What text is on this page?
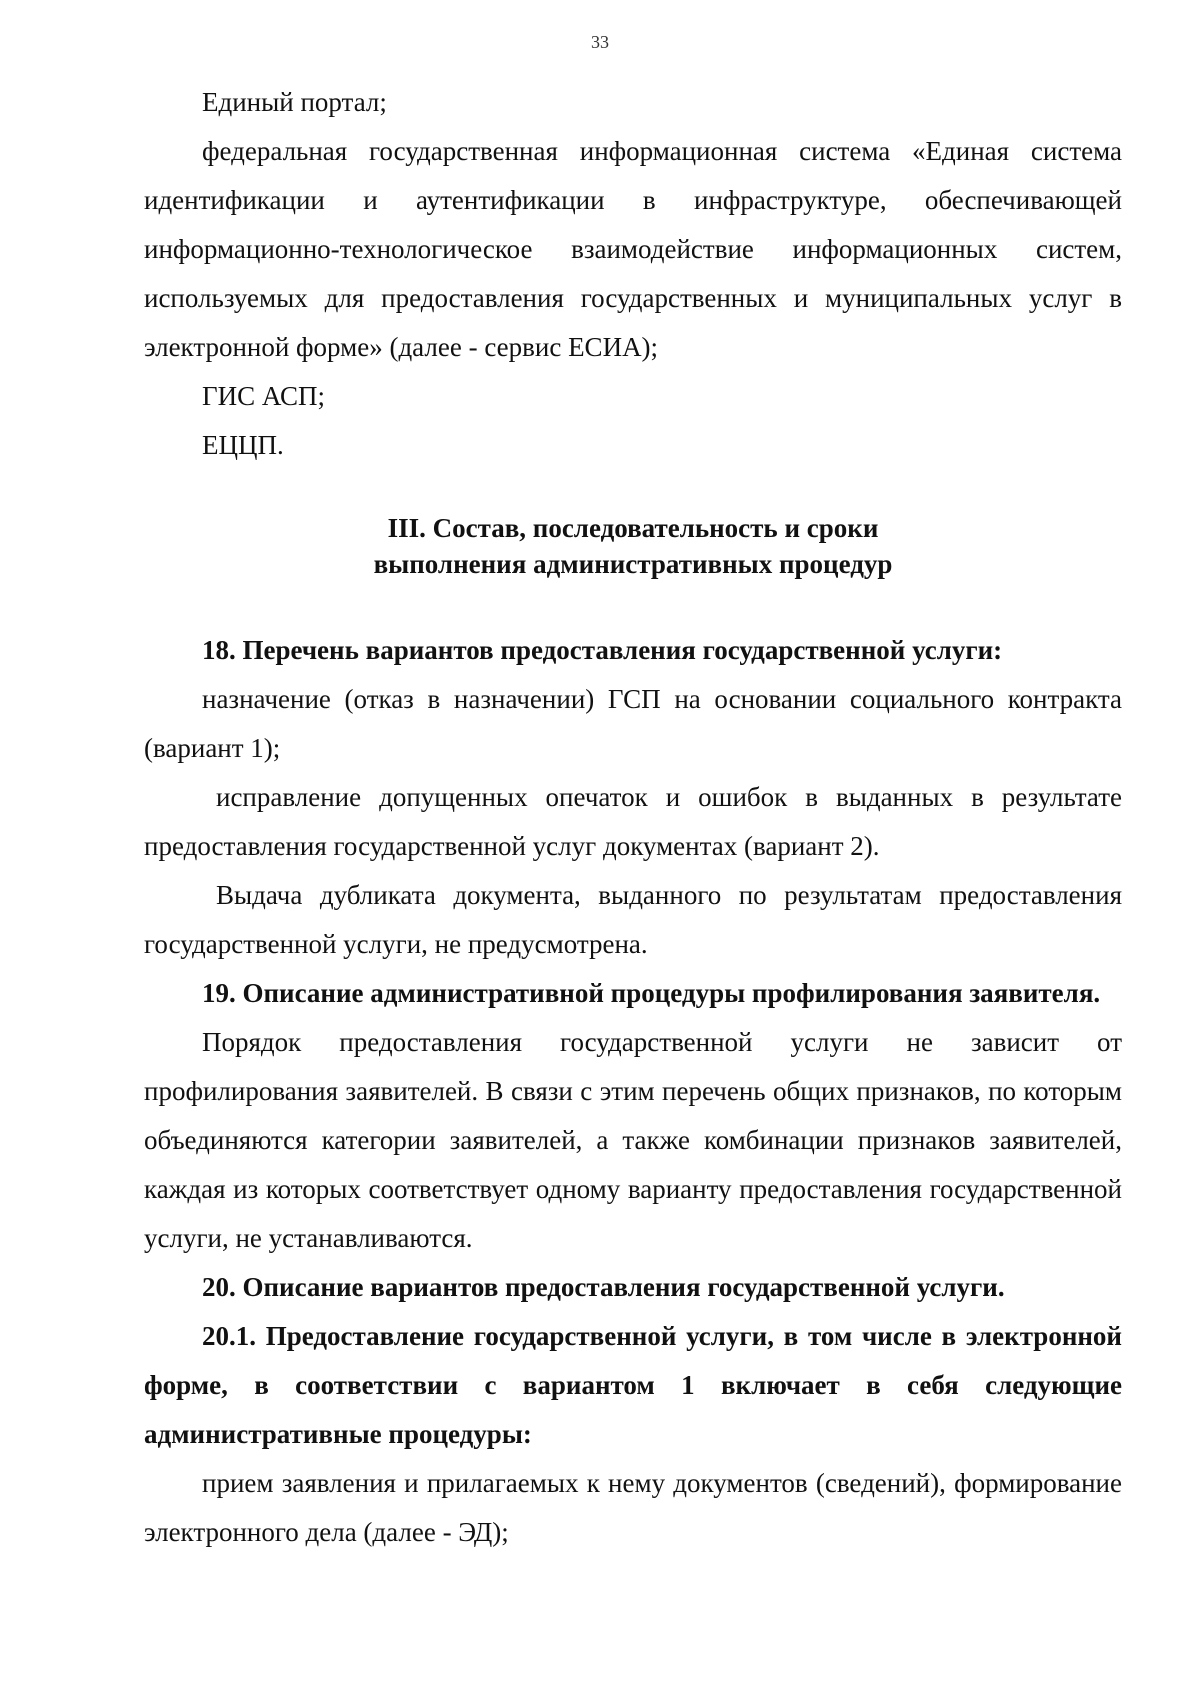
33

Единый портал;

федеральная государственная информационная система «Единая система идентификации и аутентификации в инфраструктуре, обеспечивающей информационно-технологическое взаимодействие информационных систем, используемых для предоставления государственных и муниципальных услуг в электронной форме» (далее - сервис ЕСИА);

ГИС АСП;

ЕЦЦП.

III. Состав, последовательность и сроки
выполнения административных процедур

18. Перечень вариантов предоставления государственной услуги:

назначение (отказ в назначении) ГСП на основании социального контракта (вариант 1);

исправление допущенных опечаток и ошибок в выданных в результате предоставления государственной услуг документах (вариант 2).

Выдача дубликата документа, выданного по результатам предоставления государственной услуги, не предусмотрена.

19. Описание административной процедуры профилирования заявителя.

Порядок предоставления государственной услуги не зависит от профилирования заявителей. В связи с этим перечень общих признаков, по которым объединяются категории заявителей, а также комбинации признаков заявителей, каждая из которых соответствует одному варианту предоставления государственной услуги, не устанавливаются.

20. Описание вариантов предоставления государственной услуги.

20.1. Предоставление государственной услуги, в том числе в электронной форме, в соответствии с вариантом 1 включает в себя следующие административные процедуры:

прием заявления и прилагаемых к нему документов (сведений), формирование электронного дела (далее - ЭД);
